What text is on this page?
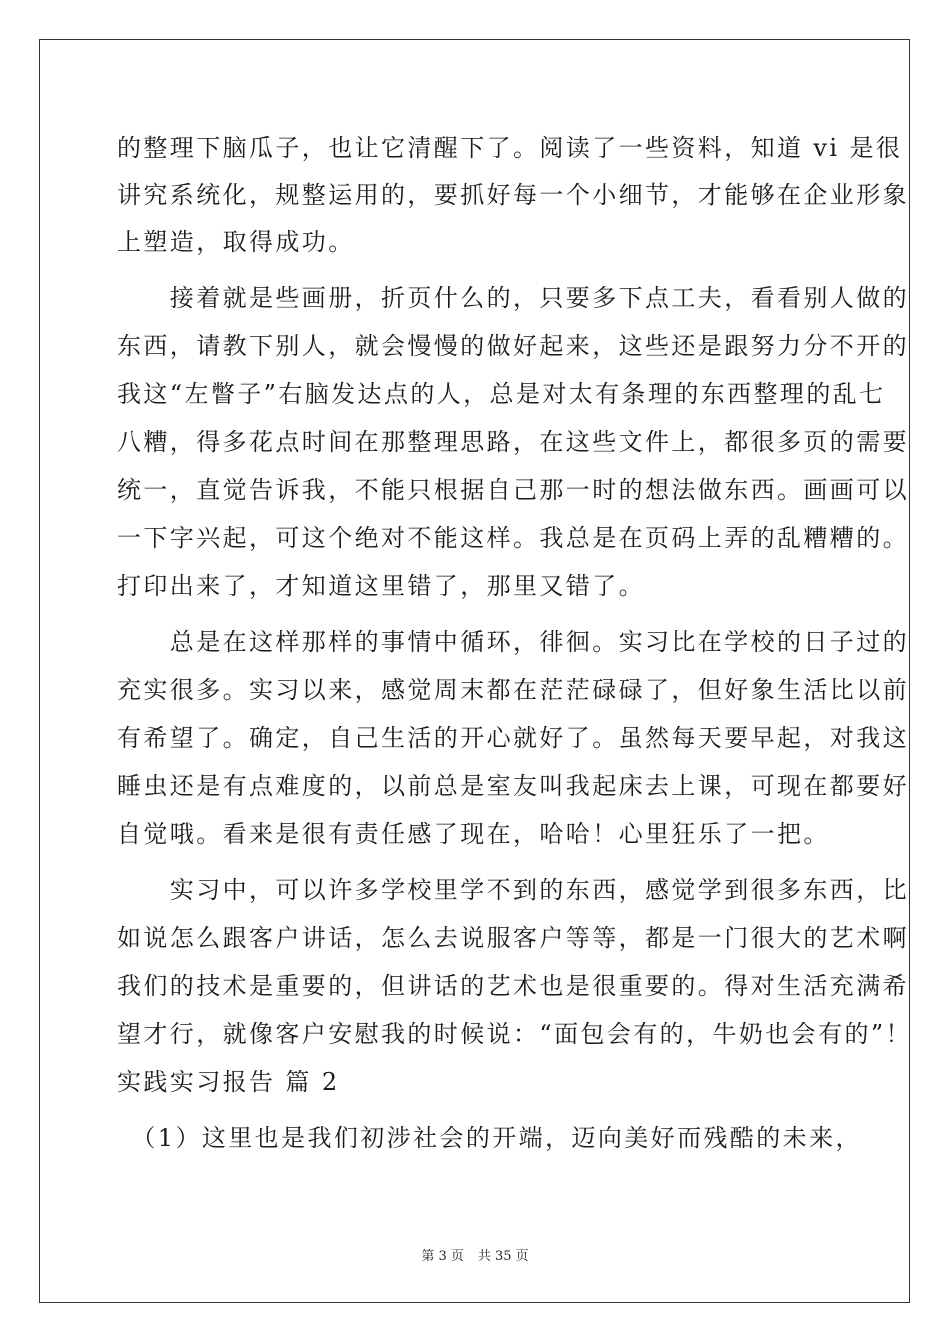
的整理下脑瓜子，也让它清醒下了。阅读了一些资料，知道 vi 是很
讲究系统化，规整运用的，要抓好每一个小细节，才能够在企业形象
上塑造，取得成功。
　　接着就是些画册，折页什么的，只要多下点工夫，看看别人做的
东西，请教下别人，就会慢慢的做好起来，这些还是跟努力分不开的
我这“左瞥子”右脑发达点的人，总是对太有条理的东西整理的乱七
八糟，得多花点时间在那整理思路，在这些文件上，都很多页的需要
统一，直觉告诉我，不能只根据自己那一时的想法做东西。画画可以
一下字兴起，可这个绝对不能这样。我总是在页码上弄的乱糟糟的。
打印出来了，才知道这里错了，那里又错了。
　　总是在这样那样的事情中循环，徘徊。实习比在学校的日子过的
充实很多。实习以来，感觉周末都在茫茫碌碌了，但好象生活比以前
有希望了。确定，自己生活的开心就好了。虽然每天要早起，对我这
睡虫还是有点难度的，以前总是室友叫我起床去上课，可现在都要好
自觉哦。看来是很有责任感了现在，哈哈！心里狂乐了一把。
　　实习中，可以许多学校里学不到的东西，感觉学到很多东西，比
如说怎么跟客户讲话，怎么去说服客户等等，都是一门很大的艺术啊
我们的技术是重要的，但讲话的艺术也是很重要的。得对生活充满希
望才行，就像客户安慰我的时候说：“面包会有的，牛奶也会有的”！
实践实习报告 篇 2
　（1）这里也是我们初涉社会的开端，迈向美好而残酷的未来，
第 3 页 共 35 页
